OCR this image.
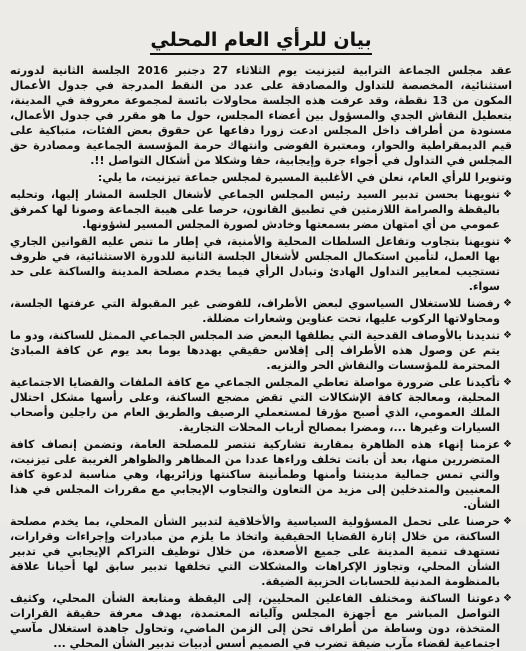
بيان للرأي العام المحلي

عقد مجلس الجماعة الترابية لتيزنيت يوم الثلاثاء 27 دجنبر 2016 الجلسة الثانية لدورته استثنائية، المخصصة للتداول والمصادقة على عدد من النقط المدرجة في جدول الأعمال المكون من 13 نقطة، وقد عرفت هذه الجلسة محاولات بائسة لمجموعة معروفة في المدينة، بتعطيل النقاش الجدي والمسؤول بين أعضاء المجلس، حول ما هو مقرر في جدول الأعمال، مسنودة من أطراف داخل المجلس ادعت زورا دفاعها عن حقوق بعض الفئات، متباكية على قيم الديمقراطية والحوار، ومعتبرة الفوضى وانتهاك حرمة المؤسسة الجماعية ومصادرة حق المجلس في التداول في أجواء جرة وإيجابية، حقا وشكلا من أشكال التواصل !!.

وتنويرا للرأي العام، نعلن في الأغلبية المسيرة لمجلس جماعة تيزنيت، ما يلي:

❖
تنويهنا بحسن تدبير السيد رئيس المجلس الجماعي لأشغال الجلسة المشار إليها، وتحليه باليقظة والصرامة اللازمتين في تطبيق القانون، حرصا على هيبة الجماعة وصونا لها كمرفق عمومي من أي امتهان مضر بسمعتها وخادش لصورة المجلس المسير لشؤونها.
❖
تنويهنا بتجاوب وتفاعل السلطات المحلية والأمنية، في إطار ما تنص عليه القوانين الجاري بها العمل، لتأمين استكمال المجلس لأشغال الجلسة الثانية للدورة الاستثنائية، في ظروف تستجيب لمعايير التداول الهادئ وتبادل الرأي فيما يخدم مصلحة المدينة والساكنة على حد سواء.
❖
رفضنا للاستغلال السياسوي لبعض الأطراف، للفوضى غير المقبولة التي عرفتها الجلسة، ومحاولاتها الركوب عليها، تحت عناوين وشعارات مضللة.
❖
تنديدنا بالأوصاف القدحية التي يطلقها البعض ضد المجلس الجماعي الممثل للساكنة، ودو ما يتم عن وصول هذه الأطراف إلى إفلاس حقيقي يهددها يوما بعد يوم عن كافة المبادئ المحترمة للمؤسسات والنقاش الحر والنزيه.
❖
تأكيدنا على ضرورة مواصلة تعاطي المجلس الجماعي مع كافة الملفات والقضايا الاجتماعية المحلية، ومعالجة كافة الإشكالات التي تقض مضجع الساكنة، وعلى رأسها مشكل احتلال الملك العمومي، الذي أصبح مؤرقا لمستعملي الرصيف والطريق العام من راجلين وأصحاب السيارات وغيرها ...، ومضرا بمصالح أرباب المحلات التجارية.
❖
عزمنا إنهاء هذه الظاهرة بمقاربة تشاركية تنتصر للمصلحة العامة، وتضمن إنصاف كافة المتضررين منها، بعد أن باتت تخلف وراءها عددا من المظاهر والظواهر الغريبة على تيزنيت، والتي تمس جمالية مدينتنا وأمنها وطمأنينة ساكنتها وزائريها، وهي مناسبة لدعوة كافة المعنيين والمتدخلين إلى مزيد من التعاون والتجاوب الإيجابي مع مقررات المجلس في هذا الشأن.
❖
حرصنا على تحمل المسؤولية السياسية والأخلاقية لتدبير الشأن المحلي، بما يخدم مصلحة الساكنة، من خلال إثارة القضايا الحقيقية واتخاذ ما يلزم من مبادرات وإجراءات وقرارات، تستهدف تنمية المدينة على جميع الأصعدة، من خلال توظيف التراكم الإيجابي في تدبير الشأن المحلي، وتجاوز الإكراهات والمشكلات التي تخلفها تدبير سابق لها أحيانا علاقة بالمنظومة المدنية للحسابات الحزبية الضيقة.
❖
دعوتنا الساكنة ومختلف الفاعلين المحليين، إلى اليقظة ومتابعة الشأن المحلي، وكثيف التواصل المباشر مع أجهزة المجلس وآلياته المعتمدة، بهدف معرفة حقيقة القرارات المتخذة، دون وساطة من أطراف تحن إلى الزمن الماضي، وتحاول جاهدة استغلال مآسي اجتماعية لقضاء مآرب ضيقة تضرب في الصميم أسس أدبيات تدبير الشأن المحلي ...
